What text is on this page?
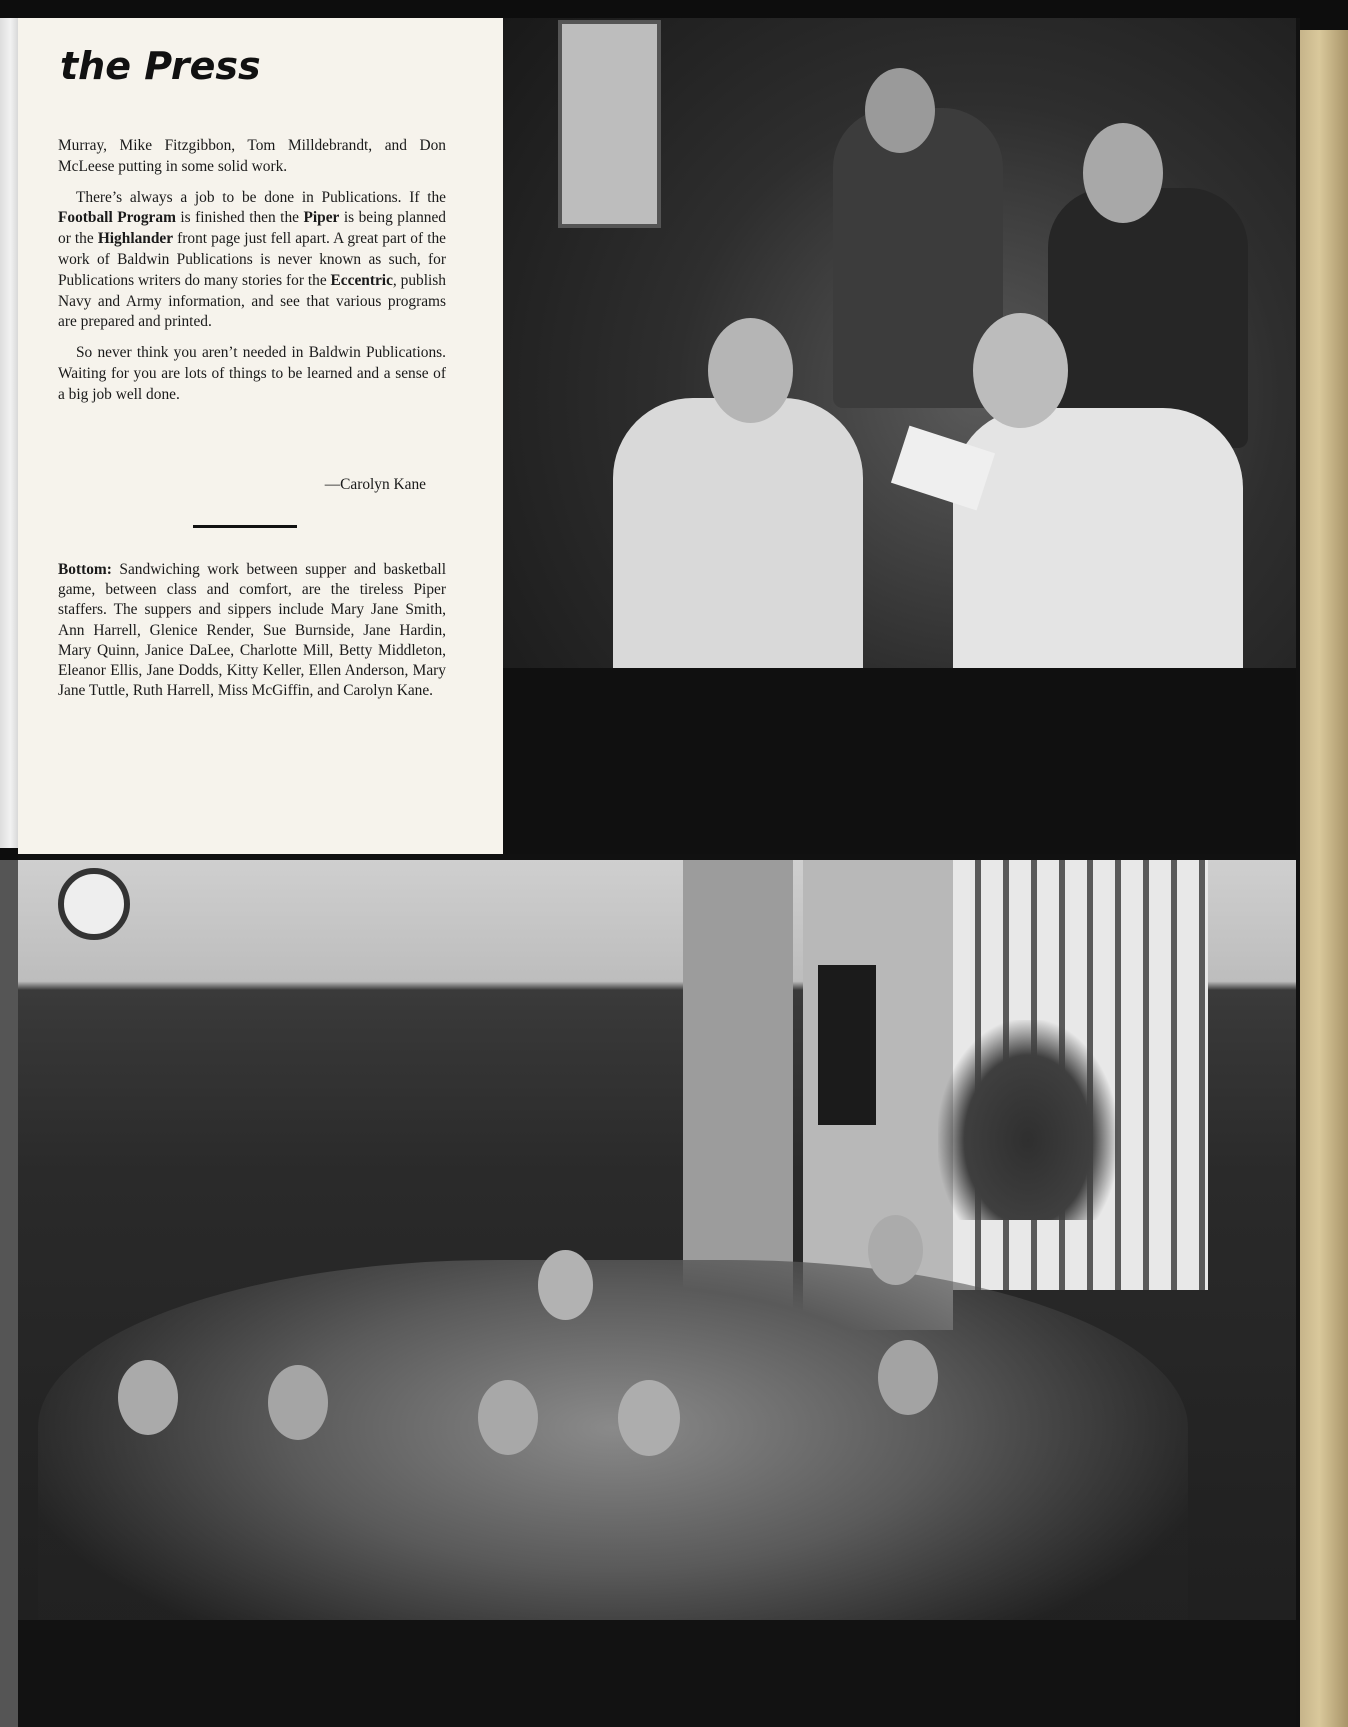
the Press

Murray, Mike Fitzgibbon, Tom Milldebrandt, and Don McLeese putting in some solid work.

There’s always a job to be done in Publications. If the Football Program is finished then the Piper is being planned or the Highlander front page just fell apart. A great part of the work of Baldwin Publications is never known as such, for Publications writers do many stories for the Eccentric, publish Navy and Army information, and see that various programs are prepared and printed.

So never think you aren’t needed in Baldwin Publications. Waiting for you are lots of things to be learned and a sense of a big job well done.

—Carolyn Kane
Bottom: Sandwiching work between supper and basketball game, between class and comfort, are the tireless Piper staffers. The suppers and sippers include Mary Jane Smith, Ann Harrell, Glenice Render, Sue Burnside, Jane Hardin, Mary Quinn, Janice DaLee, Charlotte Mill, Betty Middleton, Eleanor Ellis, Jane Dodds, Kitty Keller, Ellen Anderson, Mary Jane Tuttle, Ruth Harrell, Miss McGiffin, and Carolyn Kane.
